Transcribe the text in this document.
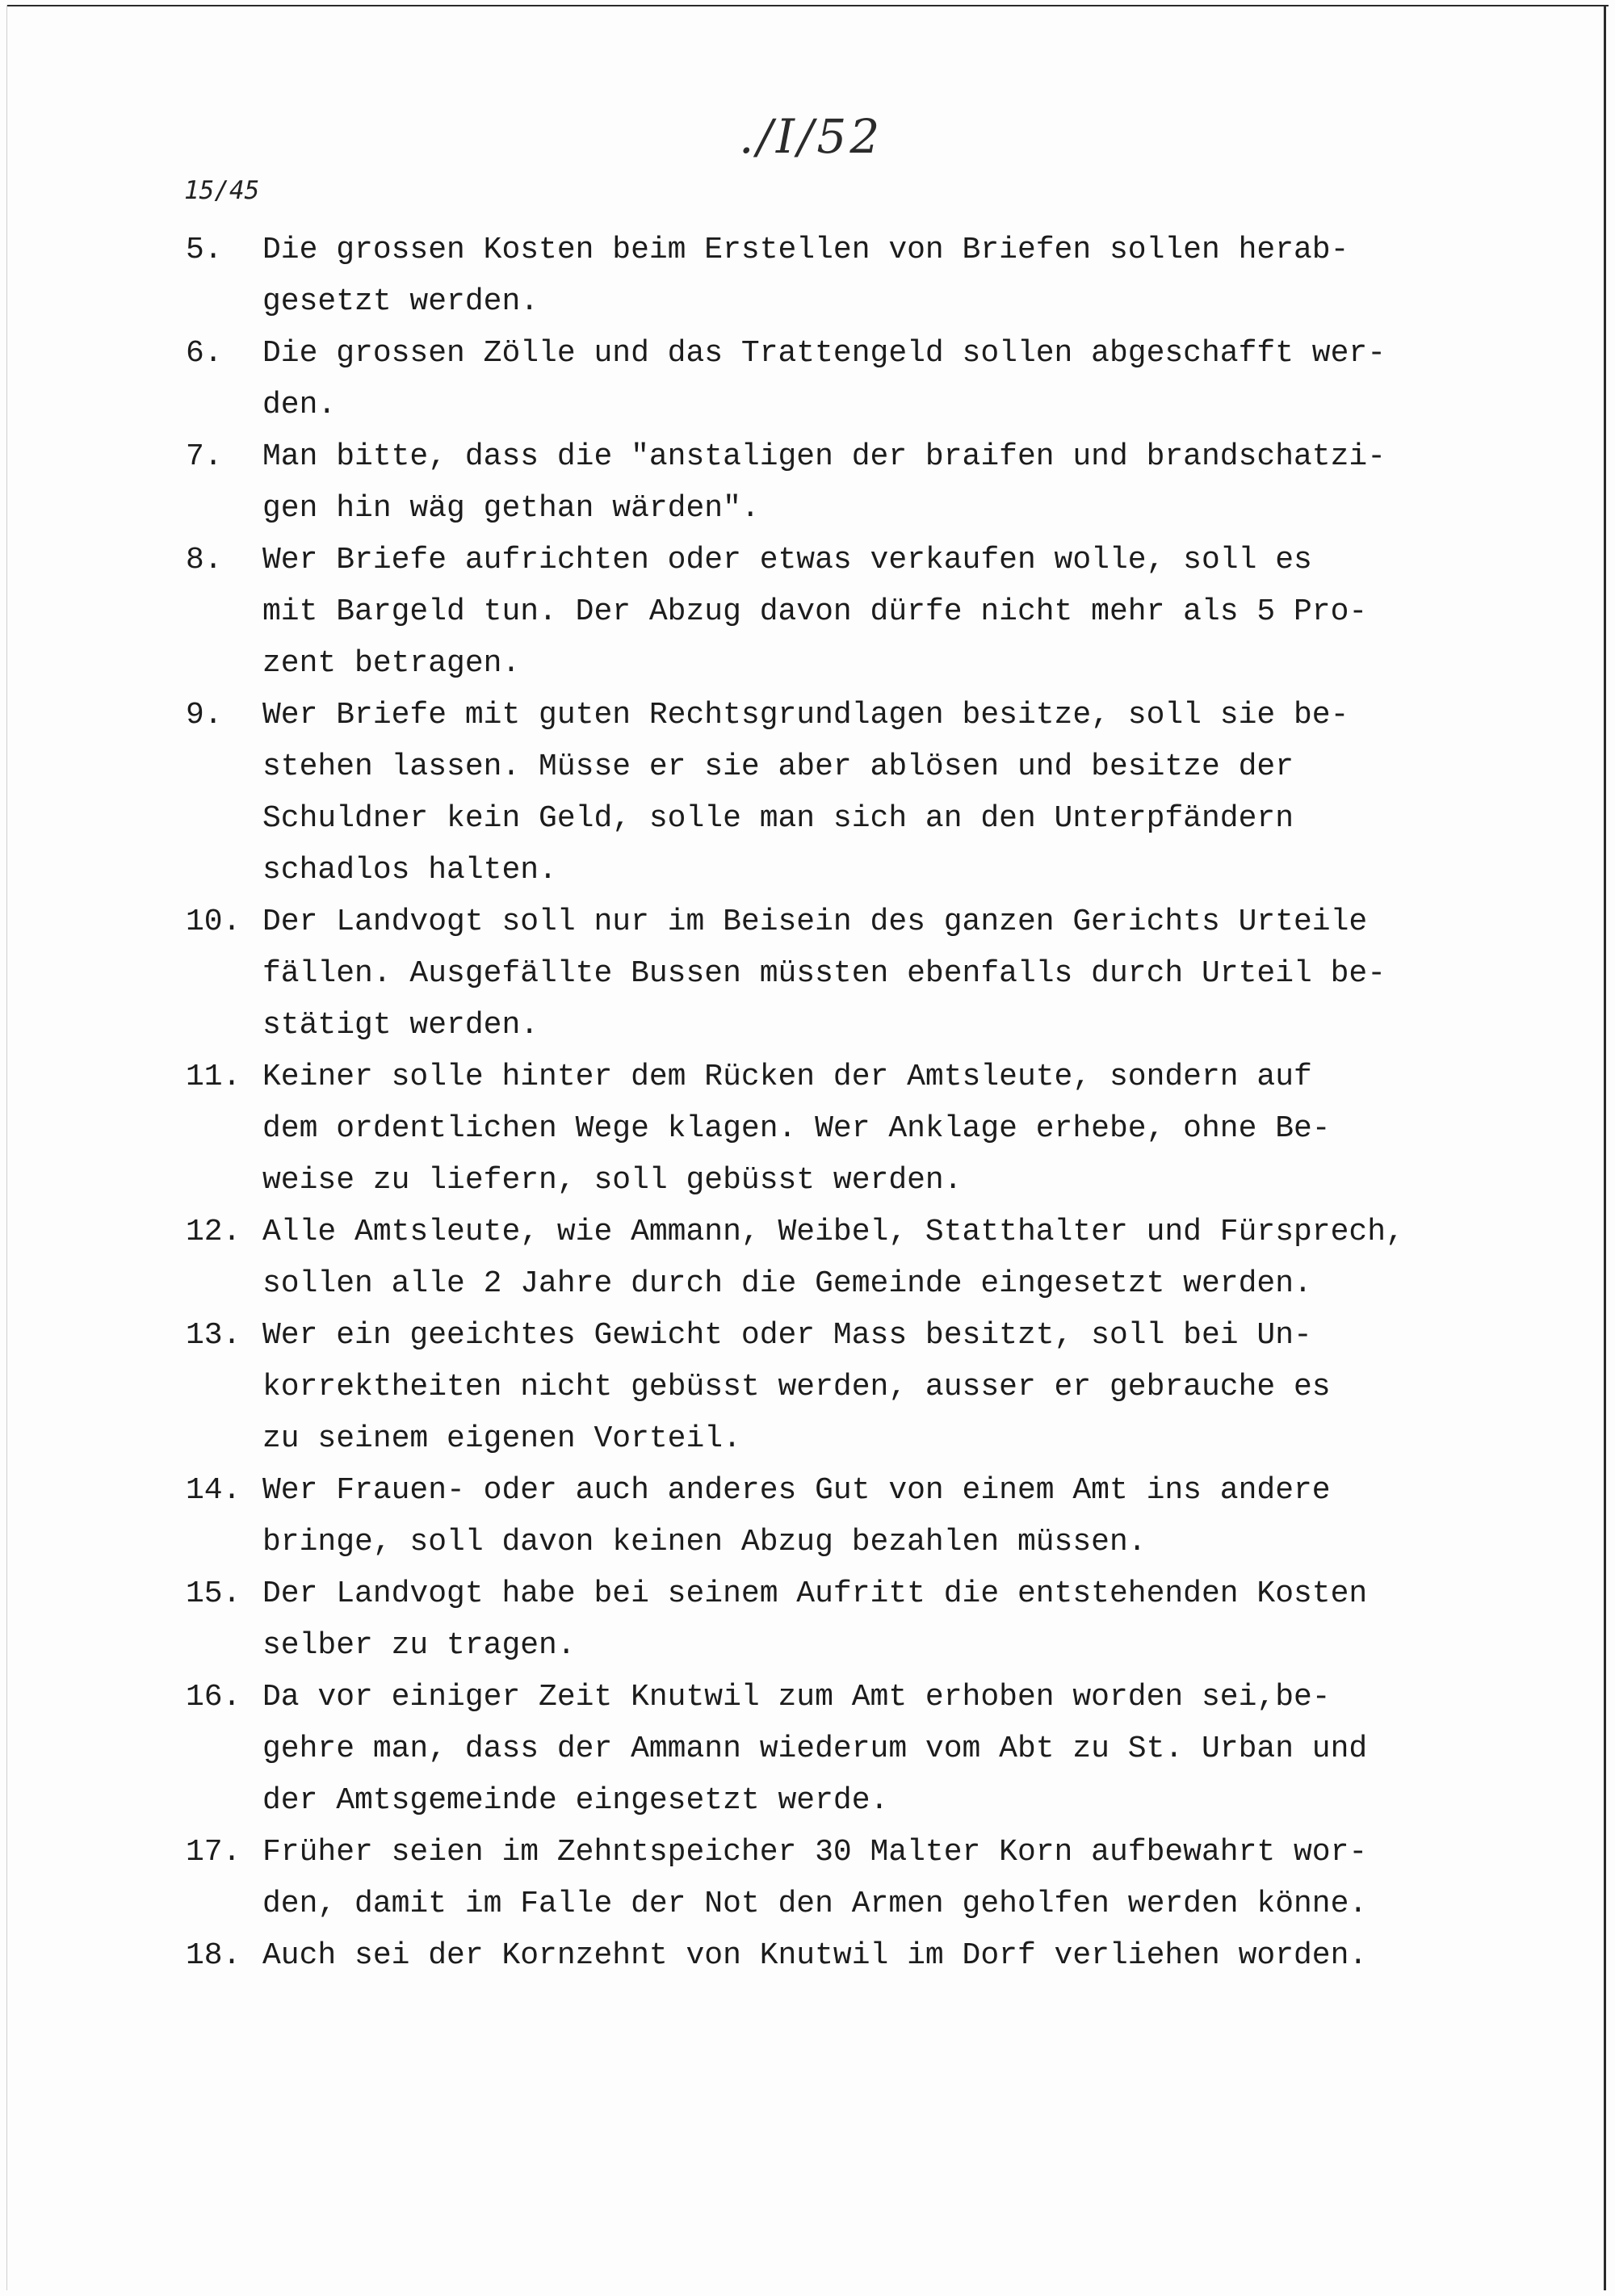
./I/52
15/45
5. Die grossen Kosten beim Erstellen von Briefen sollen herab-
gesetzt werden.
6. Die grossen Zölle und das Trattengeld sollen abgeschafft wer-
den.
7. Man bitte, dass die "anstaligen der braifen und brandschatzi-
gen hin wäg gethan wärden".
8. Wer Briefe aufrichten oder etwas verkaufen wolle, soll es
mit Bargeld tun. Der Abzug davon dürfe nicht mehr als 5 Pro-
zent betragen.
9. Wer Briefe mit guten Rechtsgrundlagen besitze, soll sie be-
stehen lassen. Müsse er sie aber ablösen und besitze der
Schuldner kein Geld, solle man sich an den Unterpfändern
schadlos halten.
10. Der Landvogt soll nur im Beisein des ganzen Gerichts Urteile
fällen. Ausgefällte Bussen müssten ebenfalls durch Urteil be-
stätigt werden.
11. Keiner solle hinter dem Rücken der Amtsleute, sondern auf
dem ordentlichen Wege klagen. Wer Anklage erhebe, ohne Be-
weise zu liefern, soll gebüsst werden.
12. Alle Amtsleute, wie Ammann, Weibel, Statthalter und Fürsprech,
sollen alle 2 Jahre durch die Gemeinde eingesetzt werden.
13. Wer ein geeichtes Gewicht oder Mass besitzt, soll bei Un-
korrektheiten nicht gebüsst werden, ausser er gebrauche es
zu seinem eigenen Vorteil.
14. Wer Frauen- oder auch anderes Gut von einem Amt ins andere
bringe, soll davon keinen Abzug bezahlen müssen.
15. Der Landvogt habe bei seinem Aufritt die entstehenden Kosten
selber zu tragen.
16. Da vor einiger Zeit Knutwil zum Amt erhoben worden sei,be-
gehre man, dass der Ammann wiederum vom Abt zu St. Urban und
der Amtsgemeinde eingesetzt werde.
17. Früher seien im Zehntspeicher 30 Malter Korn aufbewahrt wor-
den, damit im Falle der Not den Armen geholfen werden könne.
18. Auch sei der Kornzehnt von Knutwil im Dorf verliehen worden.
